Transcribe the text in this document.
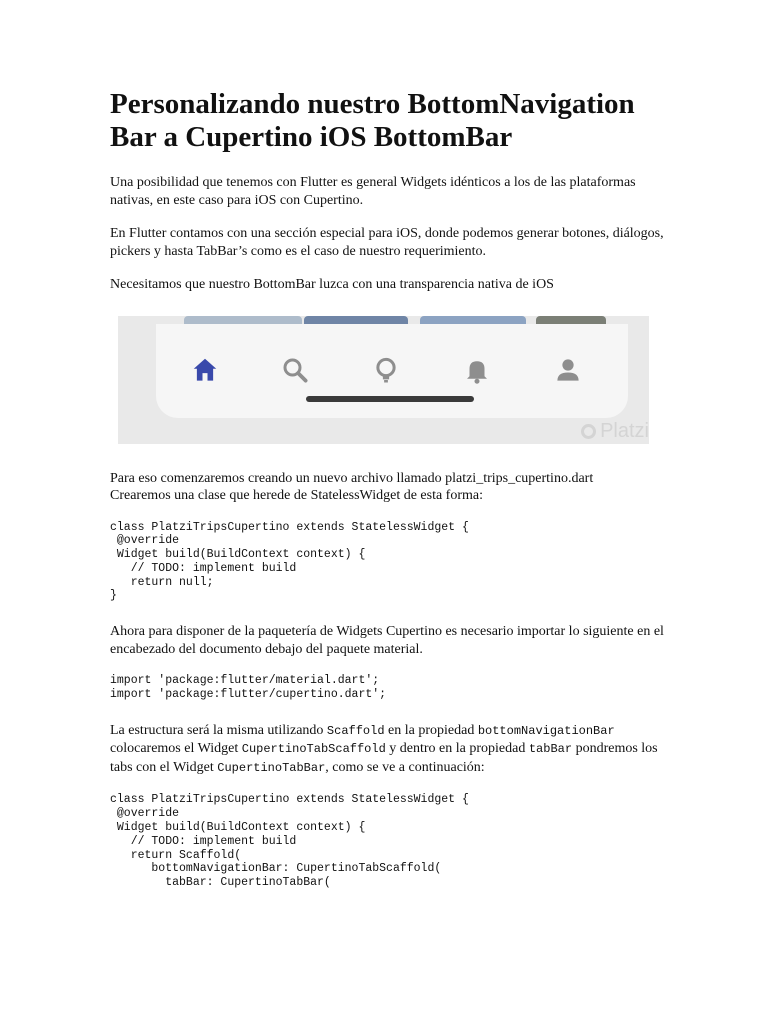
Personalizando nuestro BottomNavigation Bar a Cupertino iOS BottomBar

Una posibilidad que tenemos con Flutter es general Widgets idénticos a los de las plataformas nativas, en este caso para iOS con Cupertino.

En Flutter contamos con una sección especial para iOS, donde podemos generar botones, diálogos, pickers y hasta TabBar’s como es el caso de nuestro requerimiento.

Necesitamos que nuestro BottomBar luzca con una transparencia nativa de iOS

Platzi

Para eso comenzaremos creando un nuevo archivo llamado platzi_trips_cupertino.dart

Crearemos una clase que herede de StatelessWidget de esta forma:

class PlatziTripsCupertino extends StatelessWidget {
@override
Widget build(BuildContext context) {
// TODO: implement build
return null;
}

Ahora para disponer de la paquetería de Widgets Cupertino es necesario importar lo siguiente en el encabezado del documento debajo del paquete material.

import 'package:flutter/material.dart';
import 'package:flutter/cupertino.dart';

La estructura será la misma utilizando Scaffold en la propiedad bottomNavigationBar colocaremos el Widget CupertinoTabScaffold y dentro en la propiedad tabBar pondremos los tabs con el Widget CupertinoTabBar, como se ve a continuación:

class PlatziTripsCupertino extends StatelessWidget {
@override
Widget build(BuildContext context) {
// TODO: implement build
return Scaffold(
bottomNavigationBar: CupertinoTabScaffold(
tabBar: CupertinoTabBar(
